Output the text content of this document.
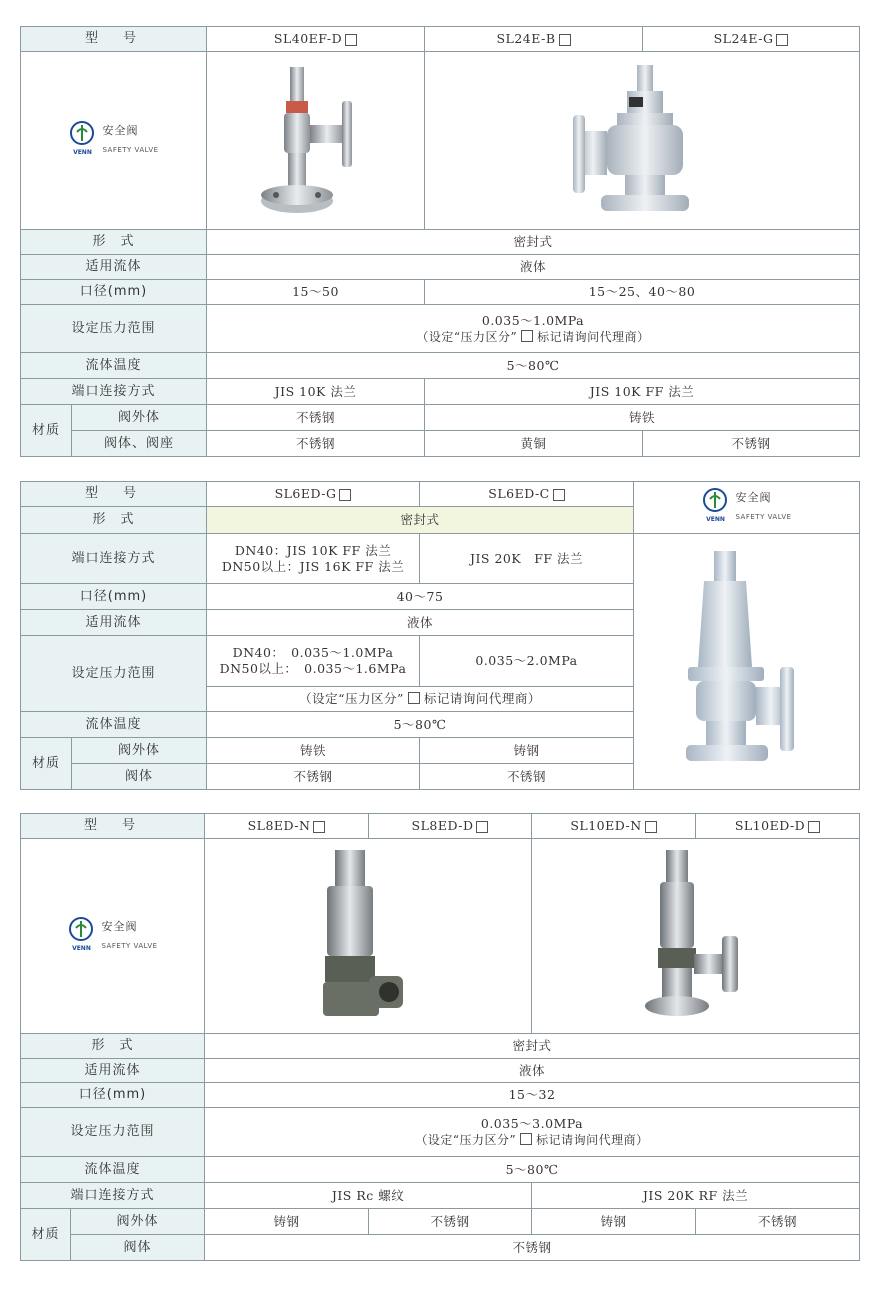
型　号		SL40EF-D	SL24E-B	SL24E-G

VENN
安全阀
SAFETY VALVE

形　式		密封式		
适用流体		液体		
口径(mm)		15～50	15～25、40～80	
设定压力范围		0.035～1.0MPa
（设定“压力区分” 标记请询问代理商）		

流体温度		5～80℃		
端口连接方式		JIS 10K 法兰	JIS 10K FF 法兰	
材质	阀外体	不锈钢	铸铁	
	阀体、阀座	不锈钢	黄铜	不锈钢
型　号		SL6ED-G	SL6ED-C	VENN
安全阀
SAFETY VALVE

形　式		密封式		
端口连接方式		DN40：JIS 10K FF 法兰
DN50以上：JIS 16K FF 法兰	JIS 20K　FF 法兰	

口径(mm)		40～75		
适用流体		液体		
设定压力范围		DN40：　0.035～1.0MPa
DN50以上：　0.035～1.6MPa	0.035～2.0MPa	
		（设定“压力区分” 标记请询问代理商）		
流体温度		5～80℃		
材质	阀外体	铸铁	铸钢	
	阀体	不锈钢	不锈钢	
型　号		SL8ED-N	SL8ED-D	SL10ED-N	SL10ED-D

VENN
安全阀
SAFETY VALVE

形　式		密封式			
适用流体		液体			
口径(mm)		15～32			
设定压力范围		0.035～3.0MPa
（设定“压力区分” 标记请询问代理商）			

流体温度		5～80℃			
端口连接方式		JIS Rc 螺纹		JIS 20K RF 法兰	
材质	阀外体	铸钢	不锈钢	铸钢	不锈钢
	阀体	不锈钢			
